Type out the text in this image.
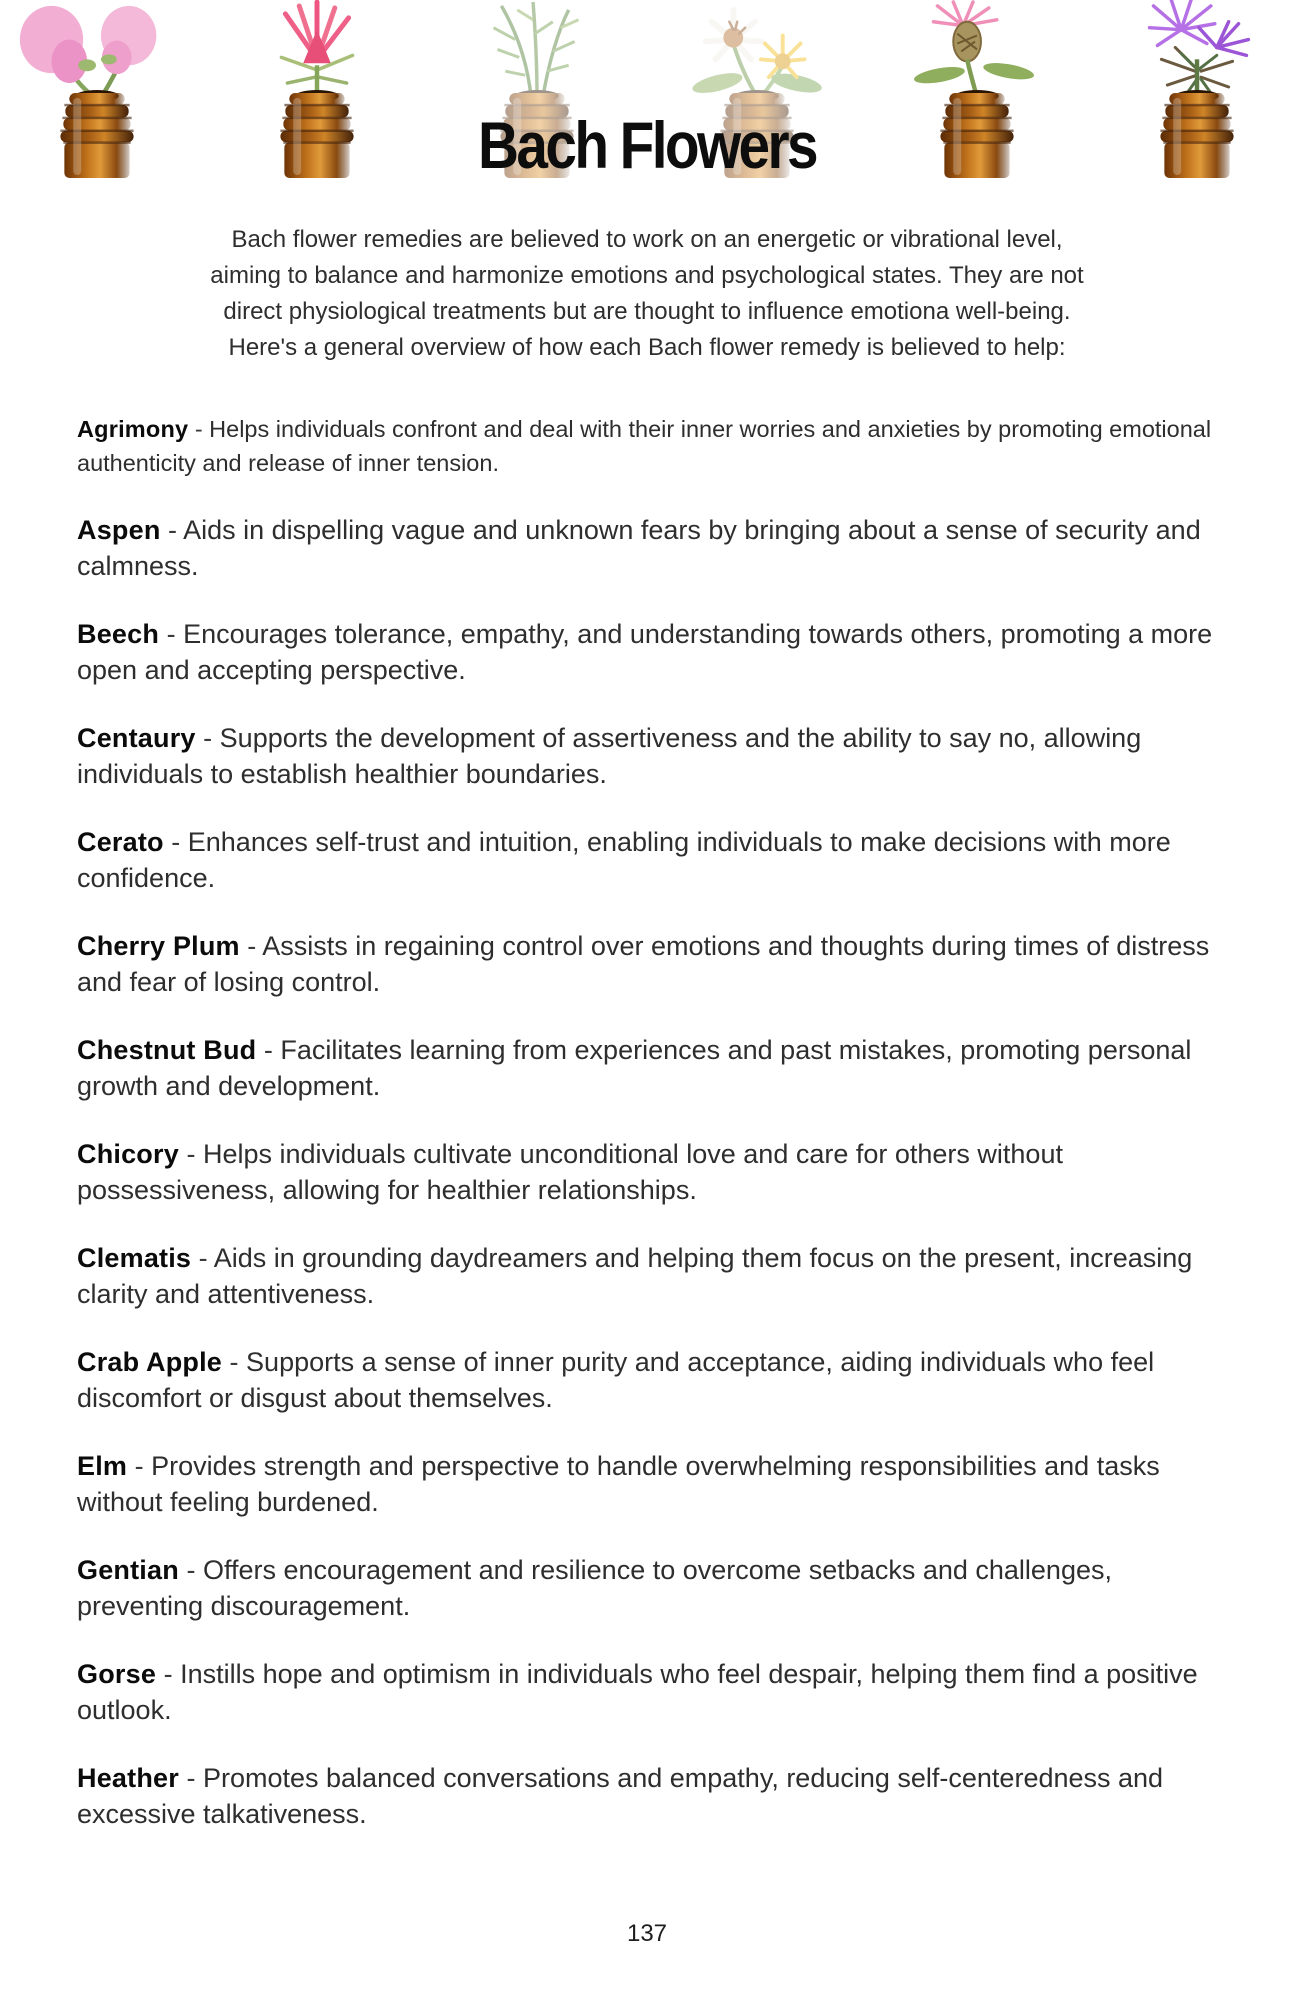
Bach Flowers
Bach flower remedies are believed to work on an energetic or vibrational level,
aiming to balance and harmonize emotions and psychological states. They are not
direct physiological treatments but are thought to influence emotiona well-being.
Here's a general overview of how each Bach flower remedy is believed to help:

Agrimony - Helps individuals confront and deal with their inner worries and anxieties by promoting emotional authenticity and release of inner tension.

Aspen - Aids in dispelling vague and unknown fears by bringing about a sense of security and calmness.

Beech - Encourages tolerance, empathy, and understanding towards others, promoting a more open and accepting perspective.

Centaury - Supports the development of assertiveness and the ability to say no, allowing individuals to establish healthier boundaries.

Cerato - Enhances self-trust and intuition, enabling individuals to make decisions with more confidence.

Cherry Plum - Assists in regaining control over emotions and thoughts during times of distress and fear of losing control.

Chestnut Bud - Facilitates learning from experiences and past mistakes, promoting personal growth and development.

Chicory - Helps individuals cultivate unconditional love and care for others without possessiveness, allowing for healthier relationships.

Clematis - Aids in grounding daydreamers and helping them focus on the present, increasing clarity and attentiveness.

Crab Apple - Supports a sense of inner purity and acceptance, aiding individuals who feel discomfort or disgust about themselves.

Elm - Provides strength and perspective to handle overwhelming responsibilities and tasks without feeling burdened.

Gentian - Offers encouragement and resilience to overcome setbacks and challenges, preventing discouragement.

Gorse - Instills hope and optimism in individuals who feel despair, helping them find a positive outlook.

Heather - Promotes balanced conversations and empathy, reducing self-centeredness and excessive talkativeness.

137
